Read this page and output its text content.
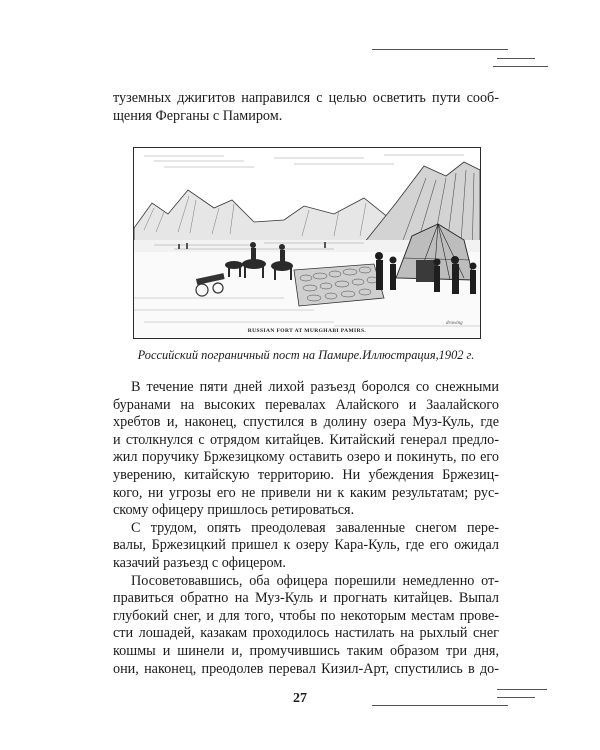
туземных джигитов направился с целью осветить пути сооб-
щения Ферганы с Памиром.
drawing
RUSSIAN FORT AT MURGHABI PAMIRS.
Российский пограничный пост на Памире.Иллюстрация,1902 г.
В течение пяти дней лихой разъезд боролся со снежными
буранами на высоких перевалах Алайского и Заалайского
хребтов и, наконец, спустился в долину озера Муз-Куль, где
и столкнулся с отрядом китайцев. Китайский генерал предло-
жил поручику Бржезицкому оставить озеро и покинуть, по его
уверению, китайскую территорию. Ни убеждения Бржезиц-
кого, ни угрозы его не привели ни к каким результатам; рус-
скому офицеру пришлось ретироваться.
С трудом, опять преодолевая заваленные снегом пере-
валы, Бржезицкий пришел к озеру Кара-Куль, где его ожидал
казачий разъезд с офицером.
Посоветовавшись, оба офицера порешили немедленно от-
правиться обратно на Муз-Куль и прогнать китайцев. Выпал
глубокий снег, и для того, чтобы по некоторым местам прове-
сти лошадей, казакам проходилось настилать на рыхлый снег
кошмы и шинели и, промучившись таким образом три дня,
они, наконец, преодолев перевал Кизил-Арт, спустились в до-
27
